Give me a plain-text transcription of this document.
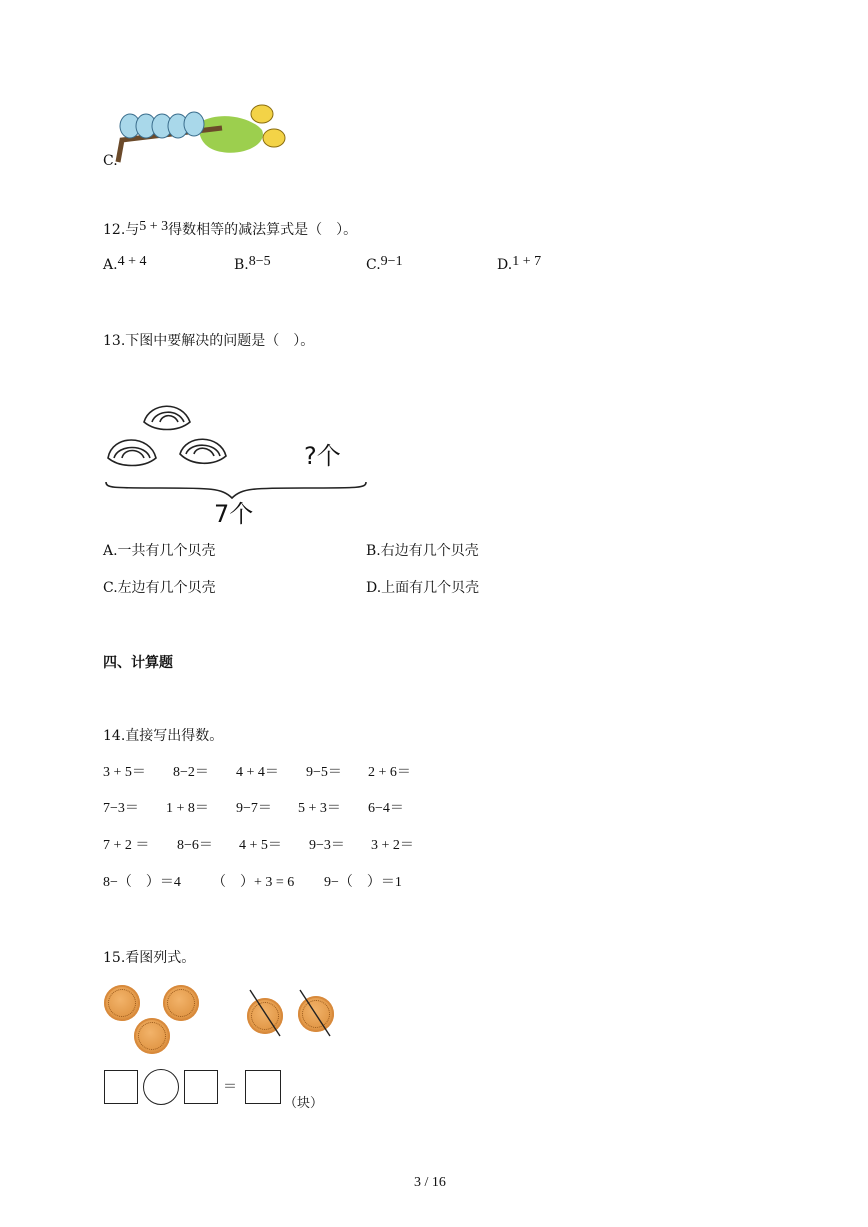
C.
12.与5 + 3得数相等的减法算式是（　）。
A.4 + 4	B.8−5	C.9−1	D.1 + 7
13.下图中要解决的问题是（　）。
?个
7个
A.一共有几个贝壳	B.右边有几个贝壳
C.左边有几个贝壳	D.上面有几个贝壳
四、计算题
14.直接写出得数。
3 + 5＝ 8−2＝ 4 + 4＝ 9−5＝ 2 + 6＝
7−3＝ 1 + 8＝ 9−7＝ 5 + 3＝ 6−4＝
7 + 2 ＝ 8−6＝ 4 + 5＝ 9−3＝ 3 + 2＝
8−（　）＝4 （　）+ 3 = 6 9−（　）＝1
15.看图列式。
＝
（块）
3 / 16
